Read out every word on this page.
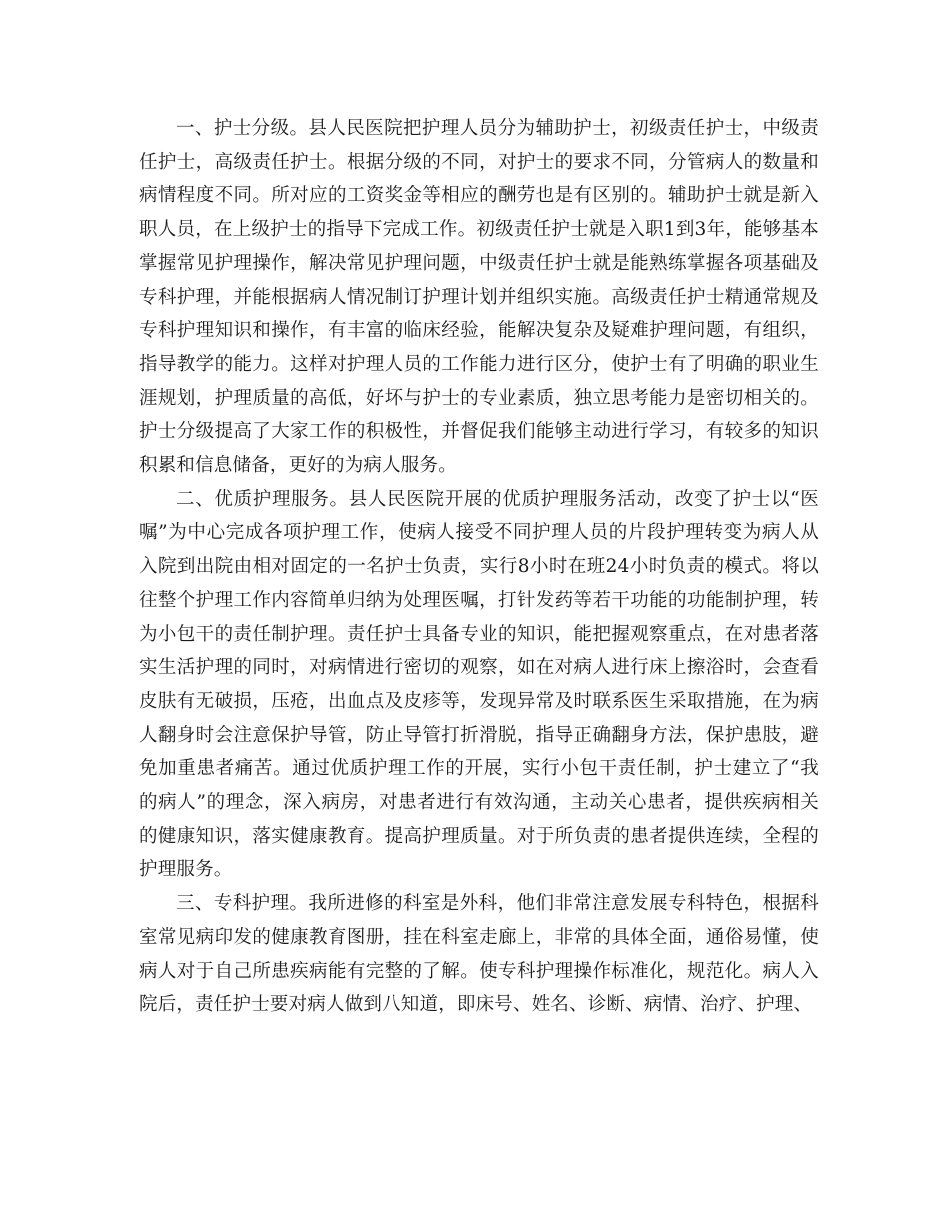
一、护士分级。县人民医院把护理人员分为辅助护士，初级责任护士，中级责任护士，高级责任护士。根据分级的不同，对护士的要求不同，分管病人的数量和病情程度不同。所对应的工资奖金等相应的酬劳也是有区别的。辅助护士就是新入职人员，在上级护士的指导下完成工作。初级责任护士就是入职1到3年，能够基本掌握常见护理操作，解决常见护理问题，中级责任护士就是能熟练掌握各项基础及专科护理，并能根据病人情况制订护理计划并组织实施。高级责任护士精通常规及专科护理知识和操作，有丰富的临床经验，能解决复杂及疑难护理问题，有组织，指导教学的能力。这样对护理人员的工作能力进行区分，使护士有了明确的职业生涯规划，护理质量的高低，好坏与护士的专业素质，独立思考能力是密切相关的。护士分级提高了大家工作的积极性，并督促我们能够主动进行学习，有较多的知识积累和信息储备，更好的为病人服务。

二、优质护理服务。县人民医院开展的优质护理服务活动，改变了护士以“医嘱”为中心完成各项护理工作，使病人接受不同护理人员的片段护理转变为病人从入院到出院由相对固定的一名护士负责，实行8小时在班24小时负责的模式。将以往整个护理工作内容简单归纳为处理医嘱，打针发药等若干功能的功能制护理，转为小包干的责任制护理。责任护士具备专业的知识，能把握观察重点，在对患者落实生活护理的同时，对病情进行密切的观察，如在对病人进行床上擦浴时，会查看皮肤有无破损，压疮，出血点及皮疹等，发现异常及时联系医生采取措施，在为病人翻身时会注意保护导管，防止导管打折滑脱，指导正确翻身方法，保护患肢，避免加重患者痛苦。通过优质护理工作的开展，实行小包干责任制，护士建立了“我的病人”的理念，深入病房，对患者进行有效沟通，主动关心患者，提供疾病相关的健康知识，落实健康教育。提高护理质量。对于所负责的患者提供连续，全程的护理服务。

三、专科护理。我所进修的科室是外科，他们非常注意发展专科特色，根据科室常见病印发的健康教育图册，挂在科室走廊上，非常的具体全面，通俗易懂，使病人对于自己所患疾病能有完整的了解。使专科护理操作标准化，规范化。病人入院后，责任护士要对病人做到八知道，即床号、姓名、诊断、病情、治疗、护理、
